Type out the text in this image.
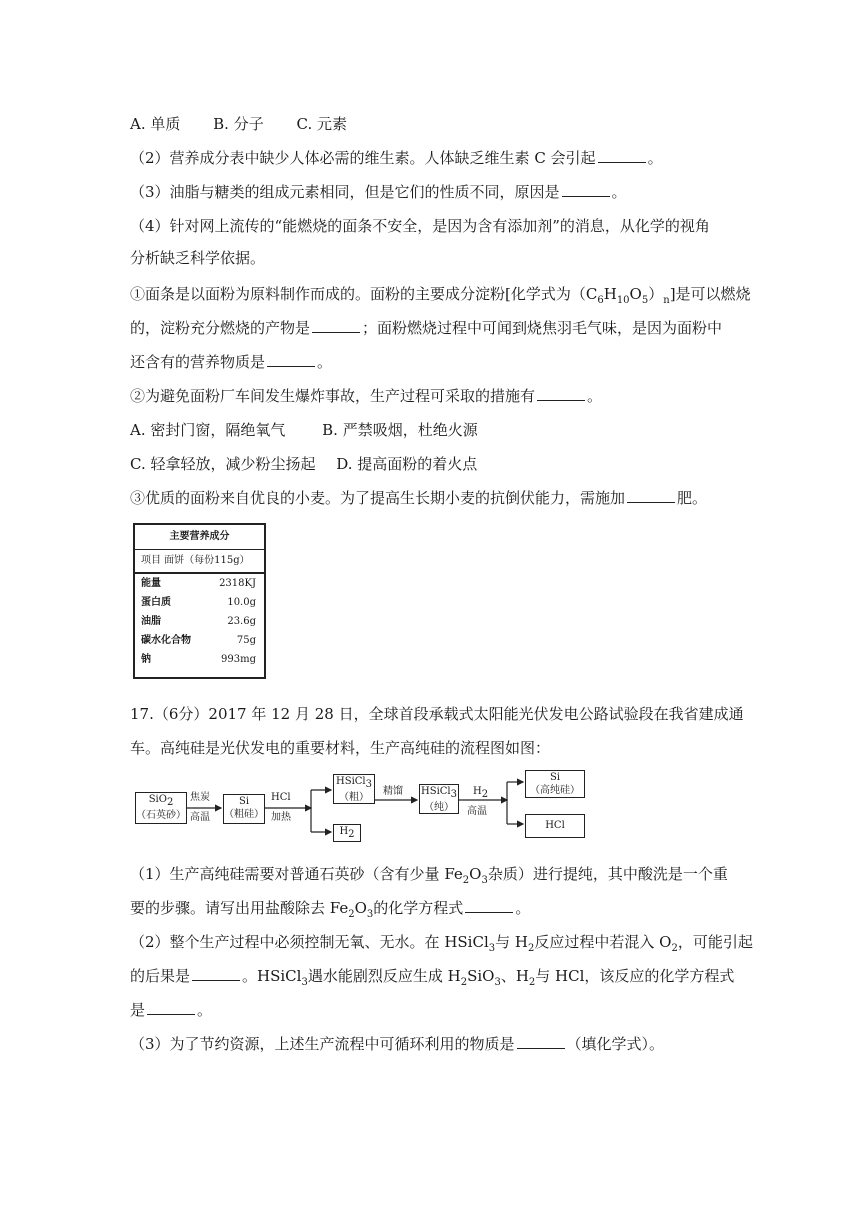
A. 单质 B. 分子 C. 元素
（2）营养成分表中缺少人体必需的维生素。人体缺乏维生素 C 会引起	。
（3）油脂与糖类的组成元素相同，但是它们的性质不同，原因是	。
（4）针对网上流传的“能燃烧的面条不安全，是因为含有添加剂”的消息，从化学的视角
分析缺乏科学依据。
①面条是以面粉为原料制作而成的。面粉的主要成分淀粉[化学式为$(C_6H_{10}O_5)_n$]是可以燃烧
的，淀粉充分燃烧的产物是	；面粉燃烧过程中可闻到烧焦羽毛气味，是因为面粉中
还含有的营养物质是	。
②为避免面粉厂车间发生爆炸事故，生产过程可采取的措施有	。
A. 密封门窗，隔绝氧气 B. 严禁吸烟，杜绝火源
C. 轻拿轻放，减少粉尘扬起 D. 提高面粉的着火点
③优质的面粉来自优良的小麦。为了提高生长期小麦的抗倒伏能力，需施加	肥。
主要营养成分
项目 面饼（每份115g）
能量	2318KJ
蛋白质	10.0g
油脂	23.6g
碳水化合物	75g
钠	993mg
17.（6分）2017 年 12 月 28 日，全球首段承载式太阳能光伏发电公路试验段在我省建成通
车。高纯硅是光伏发电的重要材料，生产高纯硅的流程图如图：
SiO$_2$
（石英砂）
焦炭
高温
Si
（粗硅）
HCl
加热
HSiCl$_3$
（粗）
$H_2$
精馏 HSiCl$_3$
（纯）
$H_2$
高温
Si
（高纯硅）
HCl
（1）生产高纯硅需要对普通石英砂（含有少量 $Fe_2O_3$杂质）进行提纯，其中酸洗是一个重
要的步骤。请写出用盐酸除去 $Fe_2O_3$的化学方程式	。
（2）整个生产过程中必须控制无氧、无水。在 HSiCl$_3$与 $H_2$反应过程中若混入 $O_2$，可能引起
的后果是	。HSiCl$_3$遇水能剧烈反应生成 $H_2SiO_3$、$H_2$与 HCl，该反应的化学方程式
是	。
（3）为了节约资源，上述生产流程中可循环利用的物质是	（填化学式）。
